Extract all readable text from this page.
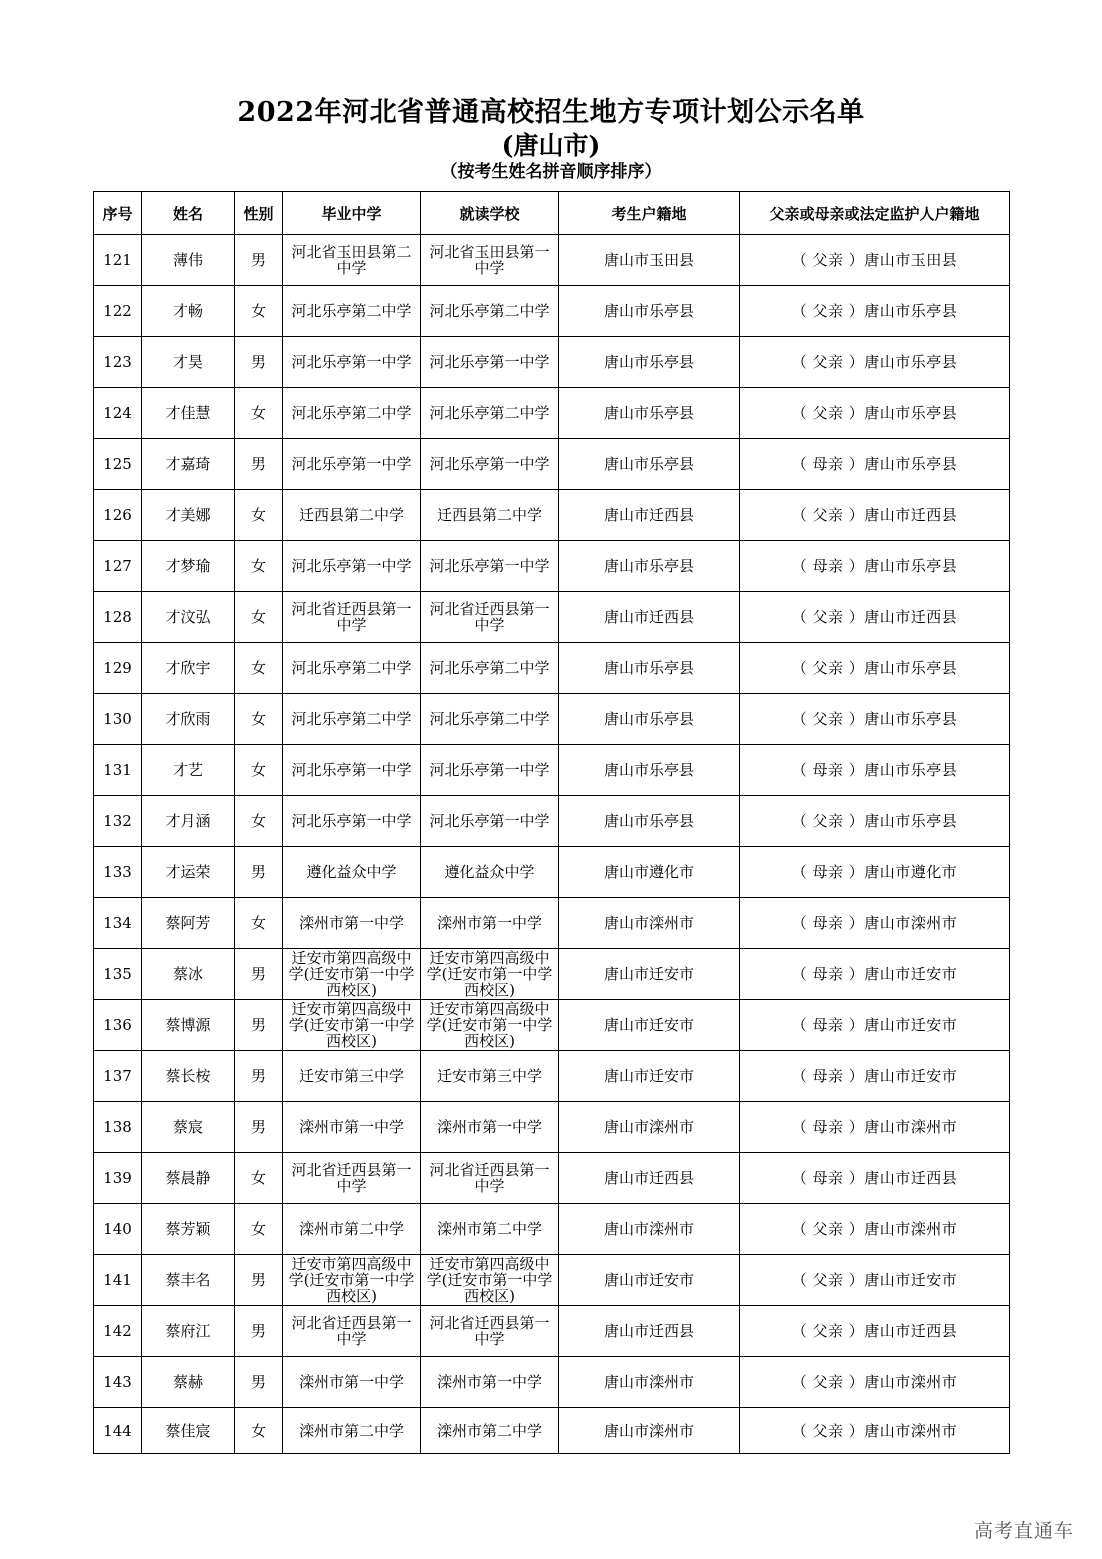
2022年河北省普通高校招生地方专项计划公示名单
(唐山市)
（按考生姓名拼音顺序排序）
序号	姓名	性别	毕业中学	就读学校	考生户籍地	父亲或母亲或法定监护人户籍地
121	薄伟	男	河北省玉田县第二中学	河北省玉田县第一中学	唐山市玉田县	（ 父亲 ）唐山市玉田县
122	才畅	女	河北乐亭第二中学	河北乐亭第二中学	唐山市乐亭县	（ 父亲 ）唐山市乐亭县
123	才昊	男	河北乐亭第一中学	河北乐亭第一中学	唐山市乐亭县	（ 父亲 ）唐山市乐亭县
124	才佳慧	女	河北乐亭第二中学	河北乐亭第二中学	唐山市乐亭县	（ 父亲 ）唐山市乐亭县
125	才嘉琦	男	河北乐亭第一中学	河北乐亭第一中学	唐山市乐亭县	（ 母亲 ）唐山市乐亭县
126	才美娜	女	迁西县第二中学	迁西县第二中学	唐山市迁西县	（ 父亲 ）唐山市迁西县
127	才梦瑜	女	河北乐亭第一中学	河北乐亭第一中学	唐山市乐亭县	（ 母亲 ）唐山市乐亭县
128	才汶弘	女	河北省迁西县第一中学	河北省迁西县第一中学	唐山市迁西县	（ 父亲 ）唐山市迁西县
129	才欣宇	女	河北乐亭第二中学	河北乐亭第二中学	唐山市乐亭县	（ 父亲 ）唐山市乐亭县
130	才欣雨	女	河北乐亭第二中学	河北乐亭第二中学	唐山市乐亭县	（ 父亲 ）唐山市乐亭县
131	才艺	女	河北乐亭第一中学	河北乐亭第一中学	唐山市乐亭县	（ 母亲 ）唐山市乐亭县
132	才月涵	女	河北乐亭第一中学	河北乐亭第一中学	唐山市乐亭县	（ 父亲 ）唐山市乐亭县
133	才运荣	男	遵化益众中学	遵化益众中学	唐山市遵化市	（ 母亲 ）唐山市遵化市
134	蔡阿芳	女	滦州市第一中学	滦州市第一中学	唐山市滦州市	（ 母亲 ）唐山市滦州市
135	蔡冰	男	迁安市第四高级中学(迁安市第一中学西校区)	迁安市第四高级中学(迁安市第一中学西校区)	唐山市迁安市	（ 母亲 ）唐山市迁安市
136	蔡博源	男	迁安市第四高级中学(迁安市第一中学西校区)	迁安市第四高级中学(迁安市第一中学西校区)	唐山市迁安市	（ 母亲 ）唐山市迁安市
137	蔡长桉	男	迁安市第三中学	迁安市第三中学	唐山市迁安市	（ 母亲 ）唐山市迁安市
138	蔡宸	男	滦州市第一中学	滦州市第一中学	唐山市滦州市	（ 母亲 ）唐山市滦州市
139	蔡晨静	女	河北省迁西县第一中学	河北省迁西县第一中学	唐山市迁西县	（ 母亲 ）唐山市迁西县
140	蔡芳颖	女	滦州市第二中学	滦州市第二中学	唐山市滦州市	（ 父亲 ）唐山市滦州市
141	蔡丰名	男	迁安市第四高级中学(迁安市第一中学西校区)	迁安市第四高级中学(迁安市第一中学西校区)	唐山市迁安市	（ 父亲 ）唐山市迁安市
142	蔡府江	男	河北省迁西县第一中学	河北省迁西县第一中学	唐山市迁西县	（ 父亲 ）唐山市迁西县
143	蔡赫	男	滦州市第一中学	滦州市第一中学	唐山市滦州市	（ 父亲 ）唐山市滦州市
144	蔡佳宸	女	滦州市第二中学	滦州市第二中学	唐山市滦州市	（ 父亲 ）唐山市滦州市
高考直通车
